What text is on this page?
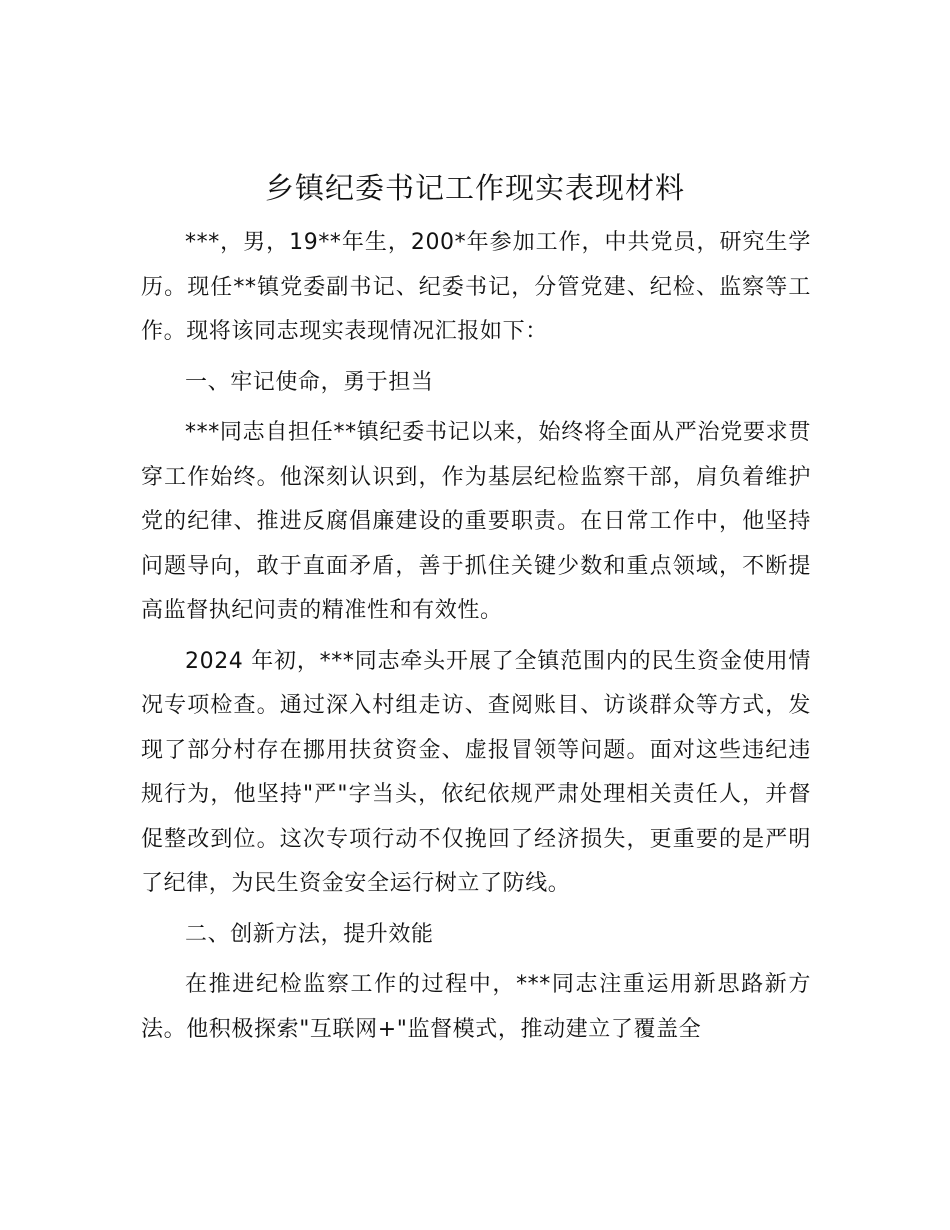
乡镇纪委书记工作现实表现材料

***，男，19**年生，200*年参加工作，中共党员，研究生学历。现任**镇党委副书记、纪委书记，分管党建、纪检、监察等工作。现将该同志现实表现情况汇报如下：

一、牢记使命，勇于担当

***同志自担任**镇纪委书记以来，始终将全面从严治党要求贯穿工作始终。他深刻认识到，作为基层纪检监察干部，肩负着维护党的纪律、推进反腐倡廉建设的重要职责。在日常工作中，他坚持问题导向，敢于直面矛盾，善于抓住关键少数和重点领域，不断提高监督执纪问责的精准性和有效性。

2024 年初，***同志牵头开展了全镇范围内的民生资金使用情况专项检查。通过深入村组走访、查阅账目、访谈群众等方式，发现了部分村存在挪用扶贫资金、虚报冒领等问题。面对这些违纪违规行为，他坚持"严"字当头，依纪依规严肃处理相关责任人，并督促整改到位。这次专项行动不仅挽回了经济损失，更重要的是严明了纪律，为民生资金安全运行树立了防线。

二、创新方法，提升效能

在推进纪检监察工作的过程中，***同志注重运用新思路新方法。他积极探索"互联网+"监督模式，推动建立了覆盖全
